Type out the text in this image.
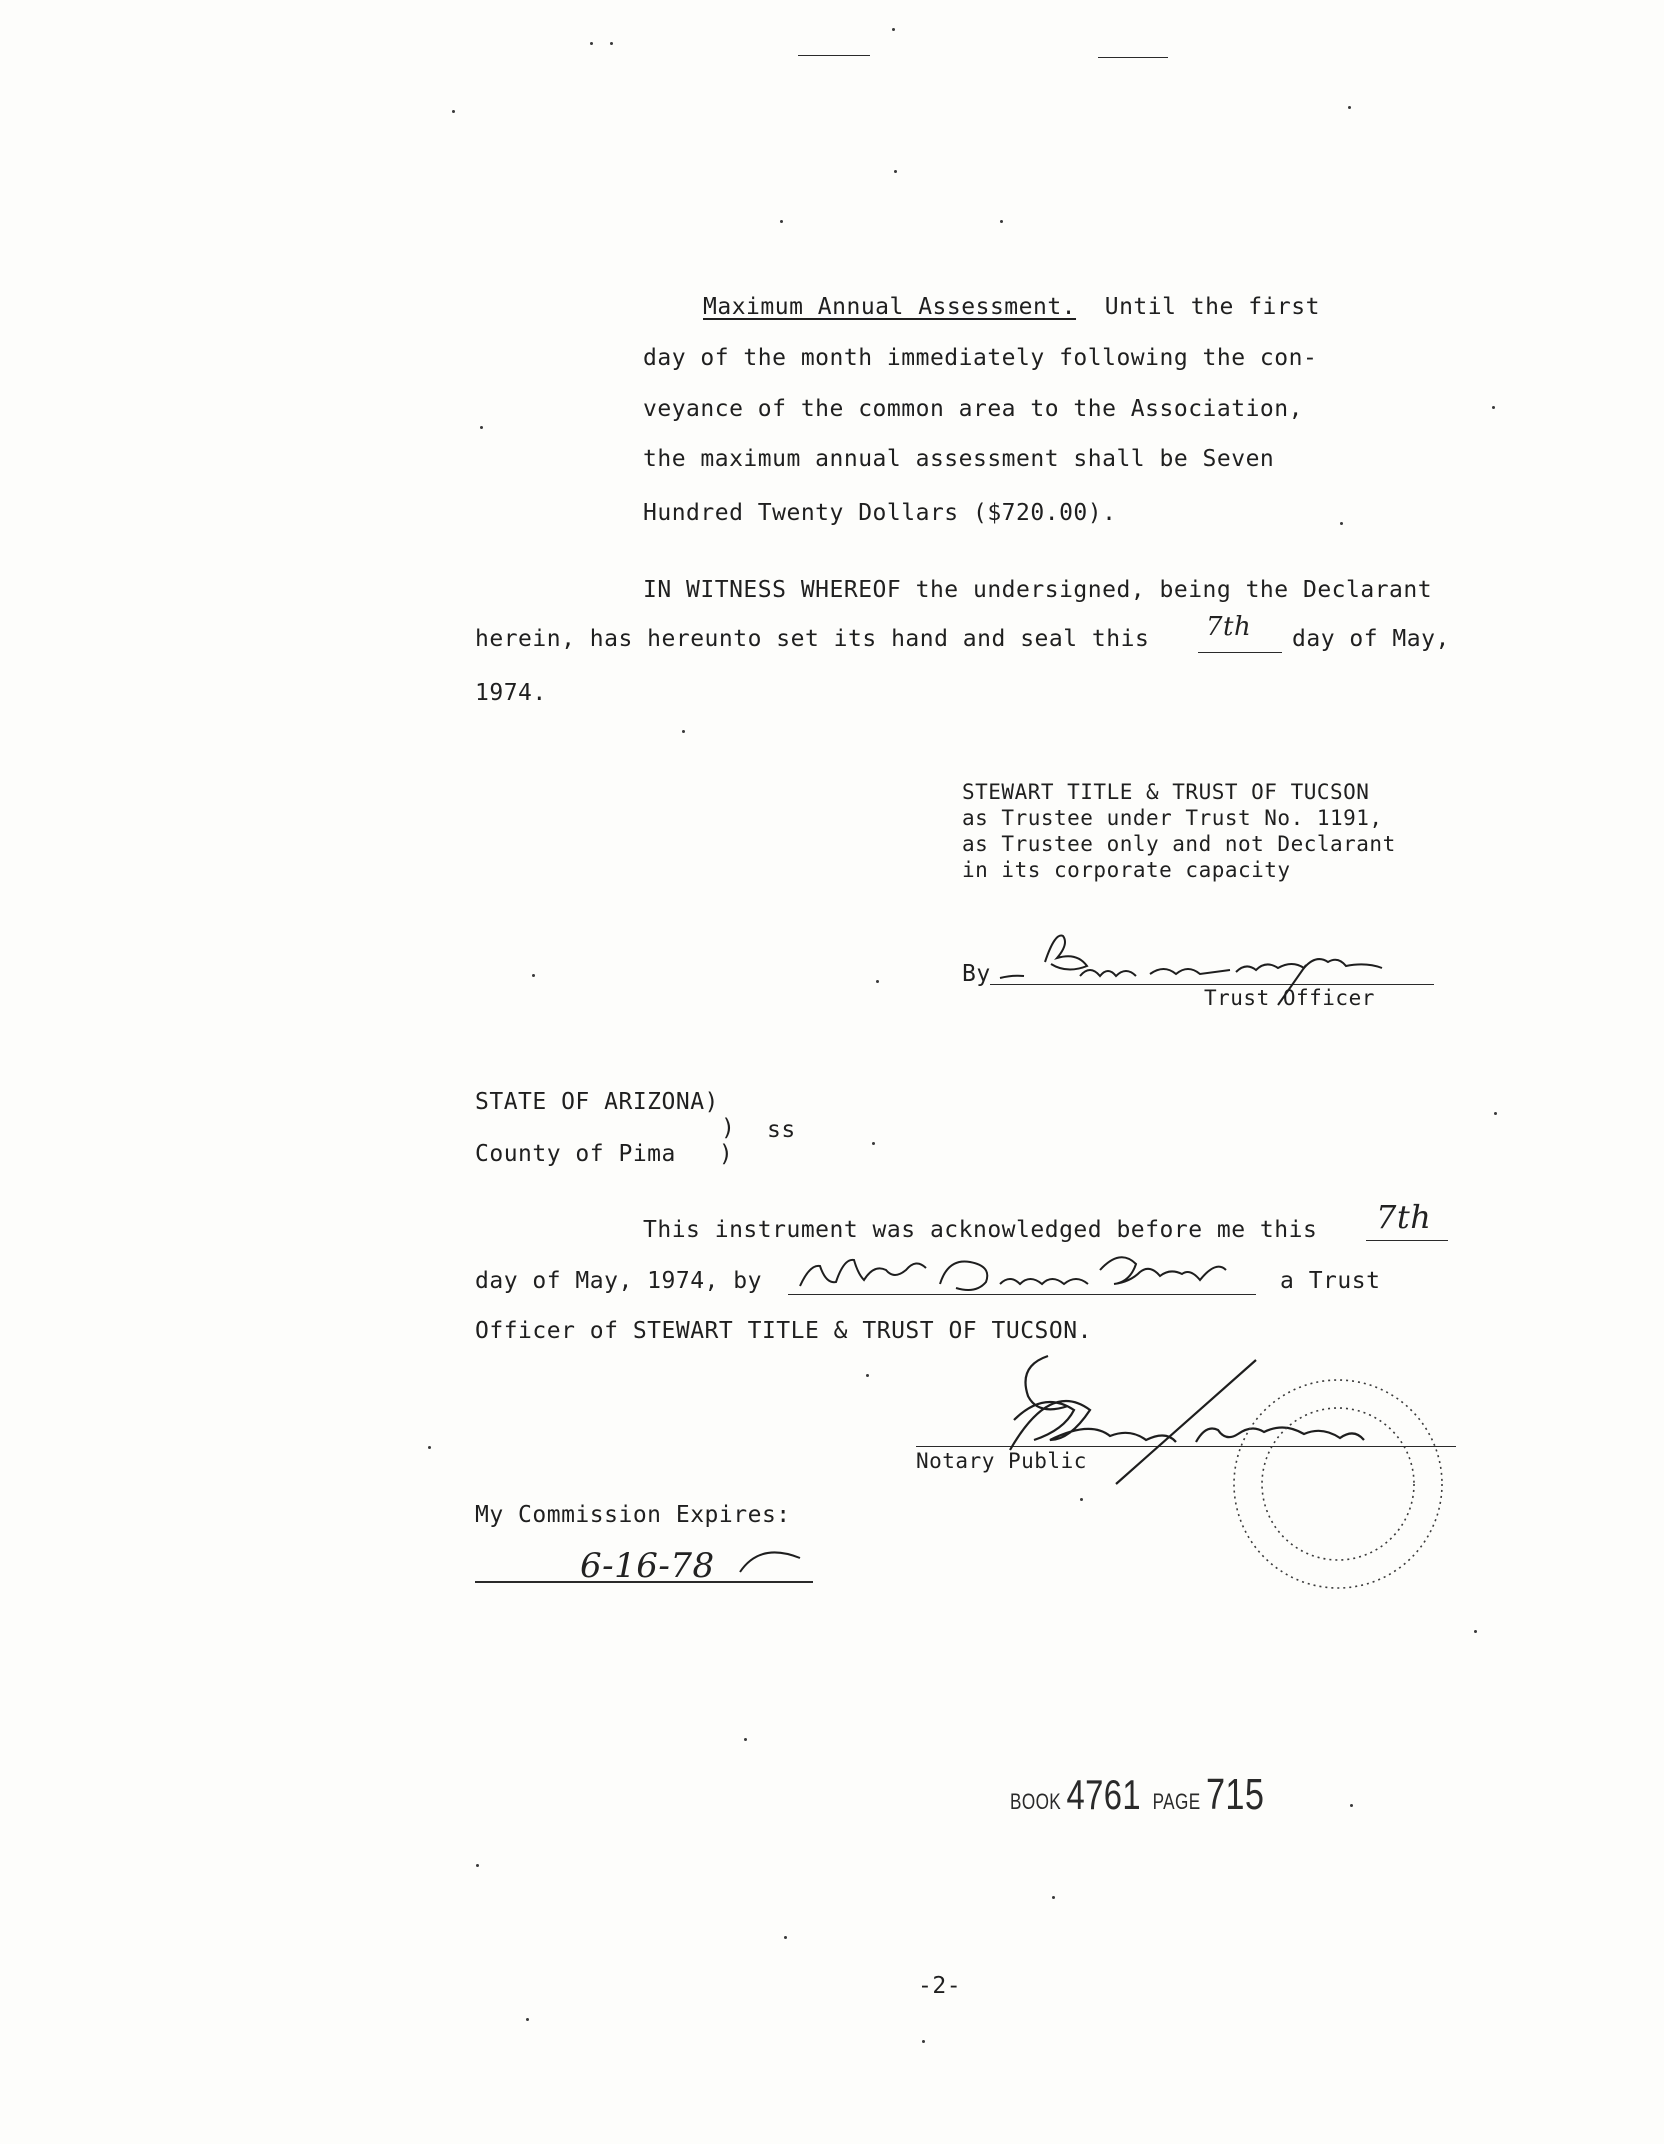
Maximum Annual Assessment.  Until the first
day of the month immediately following the con-
veyance of the common area to the Association,
the maximum annual assessment shall be Seven
Hundred Twenty Dollars ($720.00).
IN WITNESS WHEREOF the undersigned, being the Declarant
herein, has hereunto set its hand and seal this 7th day of May,
1974.
STEWART TITLE & TRUST OF TUCSON
as Trustee under Trust No. 1191,
as Trustee only and not Declarant
in its corporate capacity
By
Trust Officer
STATE OF ARIZONA)
) ss
County of Pima   )
This instrument was acknowledged before me this 7th
day of May, 1974, by	a Trust
Officer of STEWART TITLE & TRUST OF TUCSON.
Notary Public
My Commission Expires:
6-16-78
BOOK 4761 PAGE 715
-2-
